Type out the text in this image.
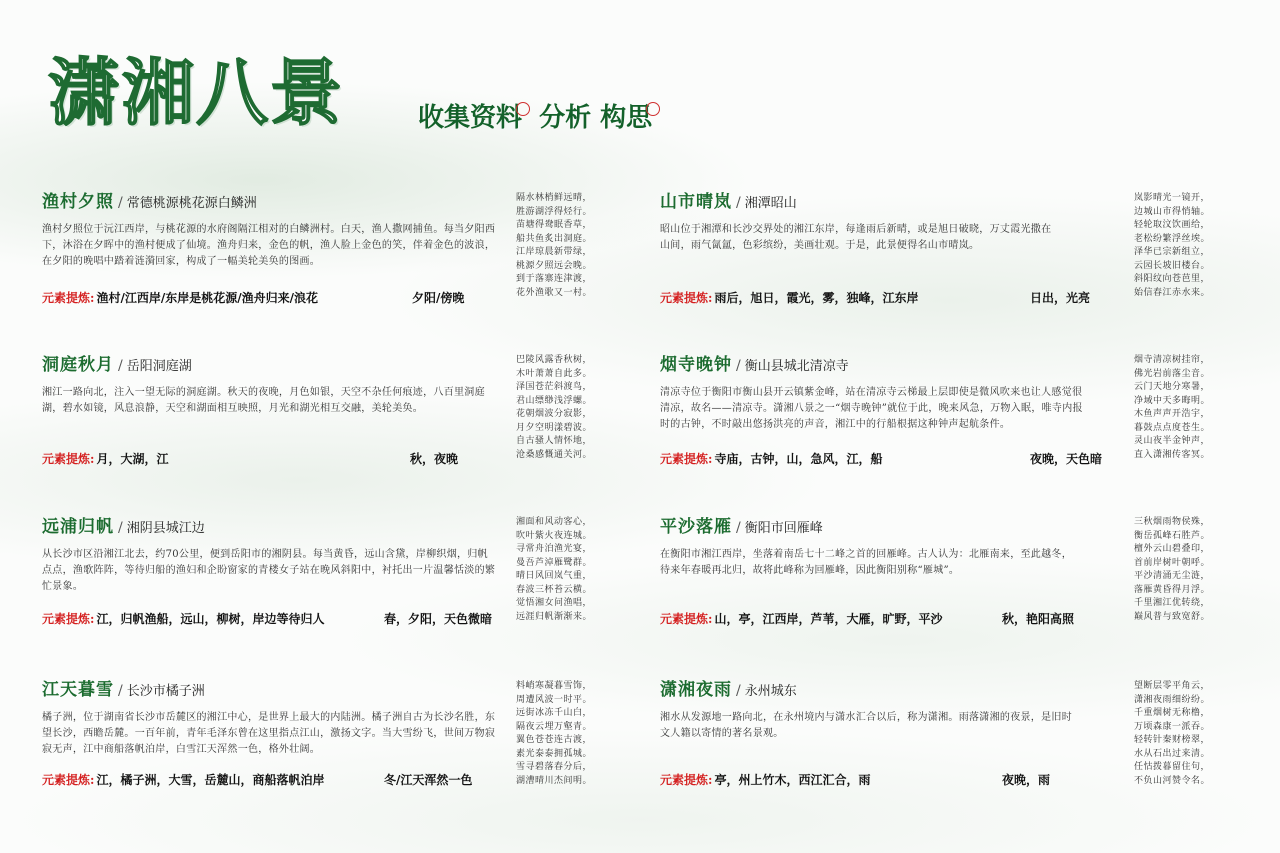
潇湘八景	收集资料 分析 构思
渔村夕照 / 常德桃源桃花源白鳞洲
渔村夕照位于沅江西岸，与桃花源的水府阁隔江相对的白鳞洲村。白天，渔人撒网捕鱼。每当夕阳西下，沐浴在夕晖中的渔村便成了仙境。渔舟归来，金色的帆，渔人脸上金色的笑，伴着金色的波浪，在夕阳的晚唱中踏着涟漪回家，构成了一幅美轮美奂的图画。
元素提炼: 渔村/江西岸/东岸是桃花源/渔舟归来/浪花	夕阳/傍晚
隔水林梢鲜远晴，
胜游湖浮得烃行。
苗塘得鸯眠香草，
船共鱼炙出洞庭。
江岸琼晨新带绿，
桃源夕照远会晚。
到于落寨连津渡，
花外渔歌又一村。
山市晴岚 / 湘潭昭山
昭山位于湘潭和长沙交界处的湘江东岸，每逢雨后新晴，或是旭日破晓，万丈霞光撒在山间，雨气氤氲，色彩缤纷，美画壮观。于是，此景便得名山市晴岚。
元素提炼: 雨后，旭日，霞光，雾，独峰，江东岸	日出，光亮
岚影晴光一镜开，
边城山市得悄轴。
轻轮取汶饮画给，
老松纷繁浮丝埃。
泽华已宗新组立，
云园长坡旧楼台。
斜阳纹向苍芭里，
始信春江赤水来。
洞庭秋月 / 岳阳洞庭湖
湘江一路向北，注入一望无际的洞庭湖。秋天的夜晚，月色如银，天空不杂任何痕迹，八百里洞庭湖，碧水如镜，风息浪静，天空和湖面相互映照，月光和湖光相互交融，美轮美奂。
元素提炼: 月，大湖，江	秋，夜晚
巴陵风露香秋树，
木叶萧萧自此多。
泽国苍茫斜渡鸟，
君山缥缈浅浮螺。
花朝烟波分寂影，
月夕空明漾碧波。
自古骚人情怀地，
沧桑感慨通关河。
烟寺晚钟 / 衡山县城北清凉寺
清凉寺位于衡阳市衡山县开云镇紫金峰，站在清凉寺云梯最上层即使是微风吹来也让人感觉很清凉，故名——清凉寺。潇湘八景之一“烟寺晚钟”就位于此，晚来风急，万物入眠，唯寺内报时的古钟，不时敲出悠扬洪亮的声音，湘江中的行船根据这种钟声起航条件。
元素提炼: 寺庙，古钟，山，急风，江，船	夜晚，天色暗
烟寺清凉树挂帘，
佛光岩前落尘音。
云门天地分寒暑，
净域中天多晦明。
木鱼声声开浩宇，
暮鼓点点度苍生。
灵山夜半金钟声，
直入潇湘传客冥。
远浦归帆 / 湘阴县城江边
从长沙市区沿湘江北去，约70公里，便到岳阳市的湘阴县。每当黄昏，远山含黛，岸柳织烟，归帆点点，渔歌阵阵，等待归船的渔妇和企盼窗家的青楼女子站在晚风斜阳中，衬托出一片温馨恬淡的繁忙景象。
元素提炼: 江，归帆渔船，远山，柳树，岸边等待归人	春，夕阳，天色微暗
湘面和风动客心，
吹叶紫火夜连城。
寻常舟泊渔光宴，
曼吾芦淖雁鹭群。
晴日风回岚气重，
春波三杯苔云横。
觉悟湘女问渔唱，
远涯归帆渐渐来。
平沙落雁 / 衡阳市回雁峰
在衡阳市湘江西岸，坐落着南岳七十二峰之首的回雁峰。古人认为：北雁南来，至此越冬，待来年春暖再北归，故将此峰称为回雁峰，因此衡阳别称“雁城”。
元素提炼: 山，亭，江西岸，芦苇，大雁，旷野，平沙	秋，艳阳高照
三秋烟雨物侯殊，
衡岳孤峰石胜芦。
檀外云山碧叠印，
首前岸树叶朝呼。
平沙清涌无尘涟，
落雁黄昏得月浮。
千里湘江优转绕，
巅风普与致宽舒。
江天暮雪 / 长沙市橘子洲
橘子洲，位于湖南省长沙市岳麓区的湘江中心，是世界上最大的内陆洲。橘子洲自古为长沙名胜，东望长沙，西瞻岳麓。一百年前，青年毛泽东曾在这里指点江山，激扬文字。当大雪纷飞，世间万物寂寂无声，江中商船落帆泊岸，白雪江天浑然一色，格外壮阔。
元素提炼: 江，橘子洲，大雪，岳麓山，商船落帆泊岸	冬/江天浑然一色
料峭寒凝暮雪饰，
周遭风波一时平。
远街冰冻千山白，
隔夜云埋万壑青。
翼色苍苍连古渡，
素光泰泰拥孤城。
雪寻碧落春分后，
湖漕晴川杰间明。
潇湘夜雨 / 永州城东
湘水从发源地一路向北，在永州境内与潇水汇合以后，称为潇湘。雨落潇湘的夜景，是旧时文人籍以寄情的著名景观。
元素提炼: 亭，州上竹木，西江汇合，雨	夜晚，雨
望断层零平角云，
潇湘夜雨细纷纷。
千重烟树无称橹，
万顷森康一派吞。
轻转针秦财榜翠，
水从石出过来清。
任怙拨暮留住句，
不负山河赞令名。
